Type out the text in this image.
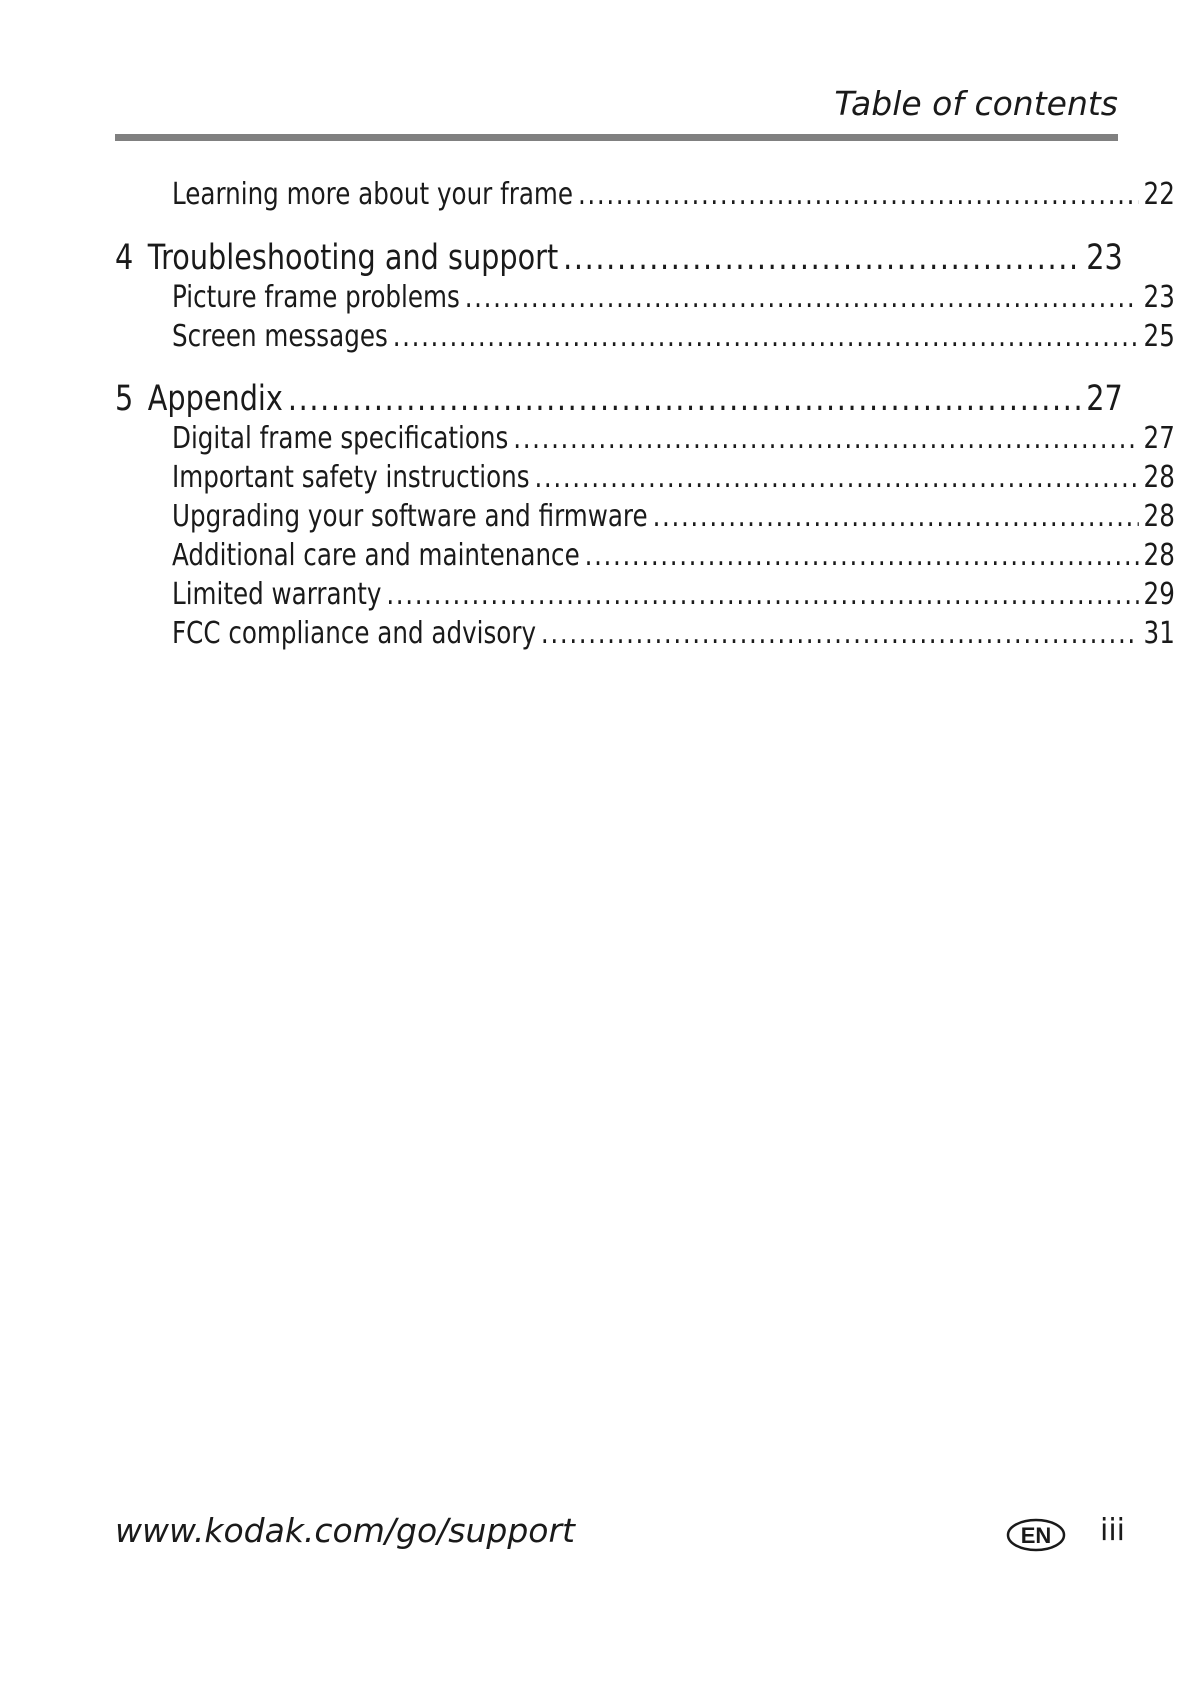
Table of contents
Learning more about your frame .....	22
4 Troubleshooting and support .....	23
Picture frame problems .....	23
Screen messages .....	25
5 Appendix .....	27
Digital frame specifications .....	27
Important safety instructions .....	28
Upgrading your software and firmware .....	28
Additional care and maintenance .....	28
Limited warranty .....	29
FCC compliance and advisory .....	31
www.kodak.com/go/support	EN iii
